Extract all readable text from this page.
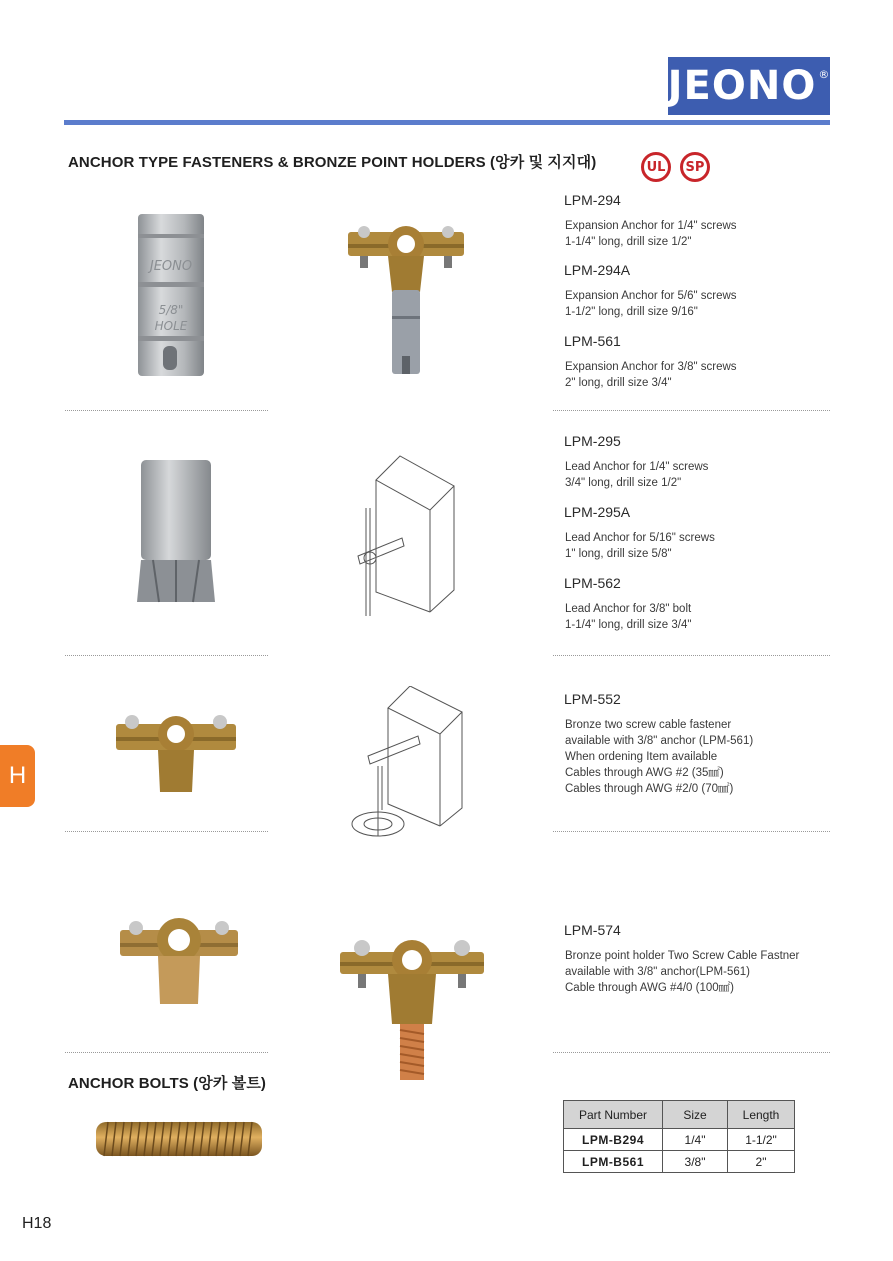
JEONO®
ANCHOR TYPE FASTENERS & BRONZE POINT HOLDERS (앙카 및 지지대)	UL	SP
JEONO
5/8"
HOLE
LPM-294
Expansion Anchor for 1/4" screws
1-1/4" long, drill size 1/2"
LPM-294A
Expansion Anchor for 5/6" screws
1-1/2" long, drill size 9/16"
LPM-561
Expansion Anchor for 3/8" screws
2" long, drill size 3/4"
LPM-295
Lead Anchor for 1/4" screws
3/4" long, drill size 1/2"
LPM-295A
Lead Anchor for 5/16" screws
1" long, drill size 5/8"
LPM-562
Lead Anchor for 3/8" bolt
1-1/4" long, drill size 3/4"
LPM-552
Bronze two screw cable fastener
available with 3/8" anchor (LPM-561)
When ordening Item available
Cables through AWG #2 (35㎟)
Cables through AWG #2/0 (70㎟)
LPM-574
Bronze point holder Two Screw Cable Fastner
available with 3/8" anchor(LPM-561)
Cable through AWG #4/0 (100㎟)
ANCHOR BOLTS (앙카 볼트)
Part Number	Size	Length
LPM-B294	1/4"	1-1/2"
LPM-B561	3/8"	2"
H
H18
